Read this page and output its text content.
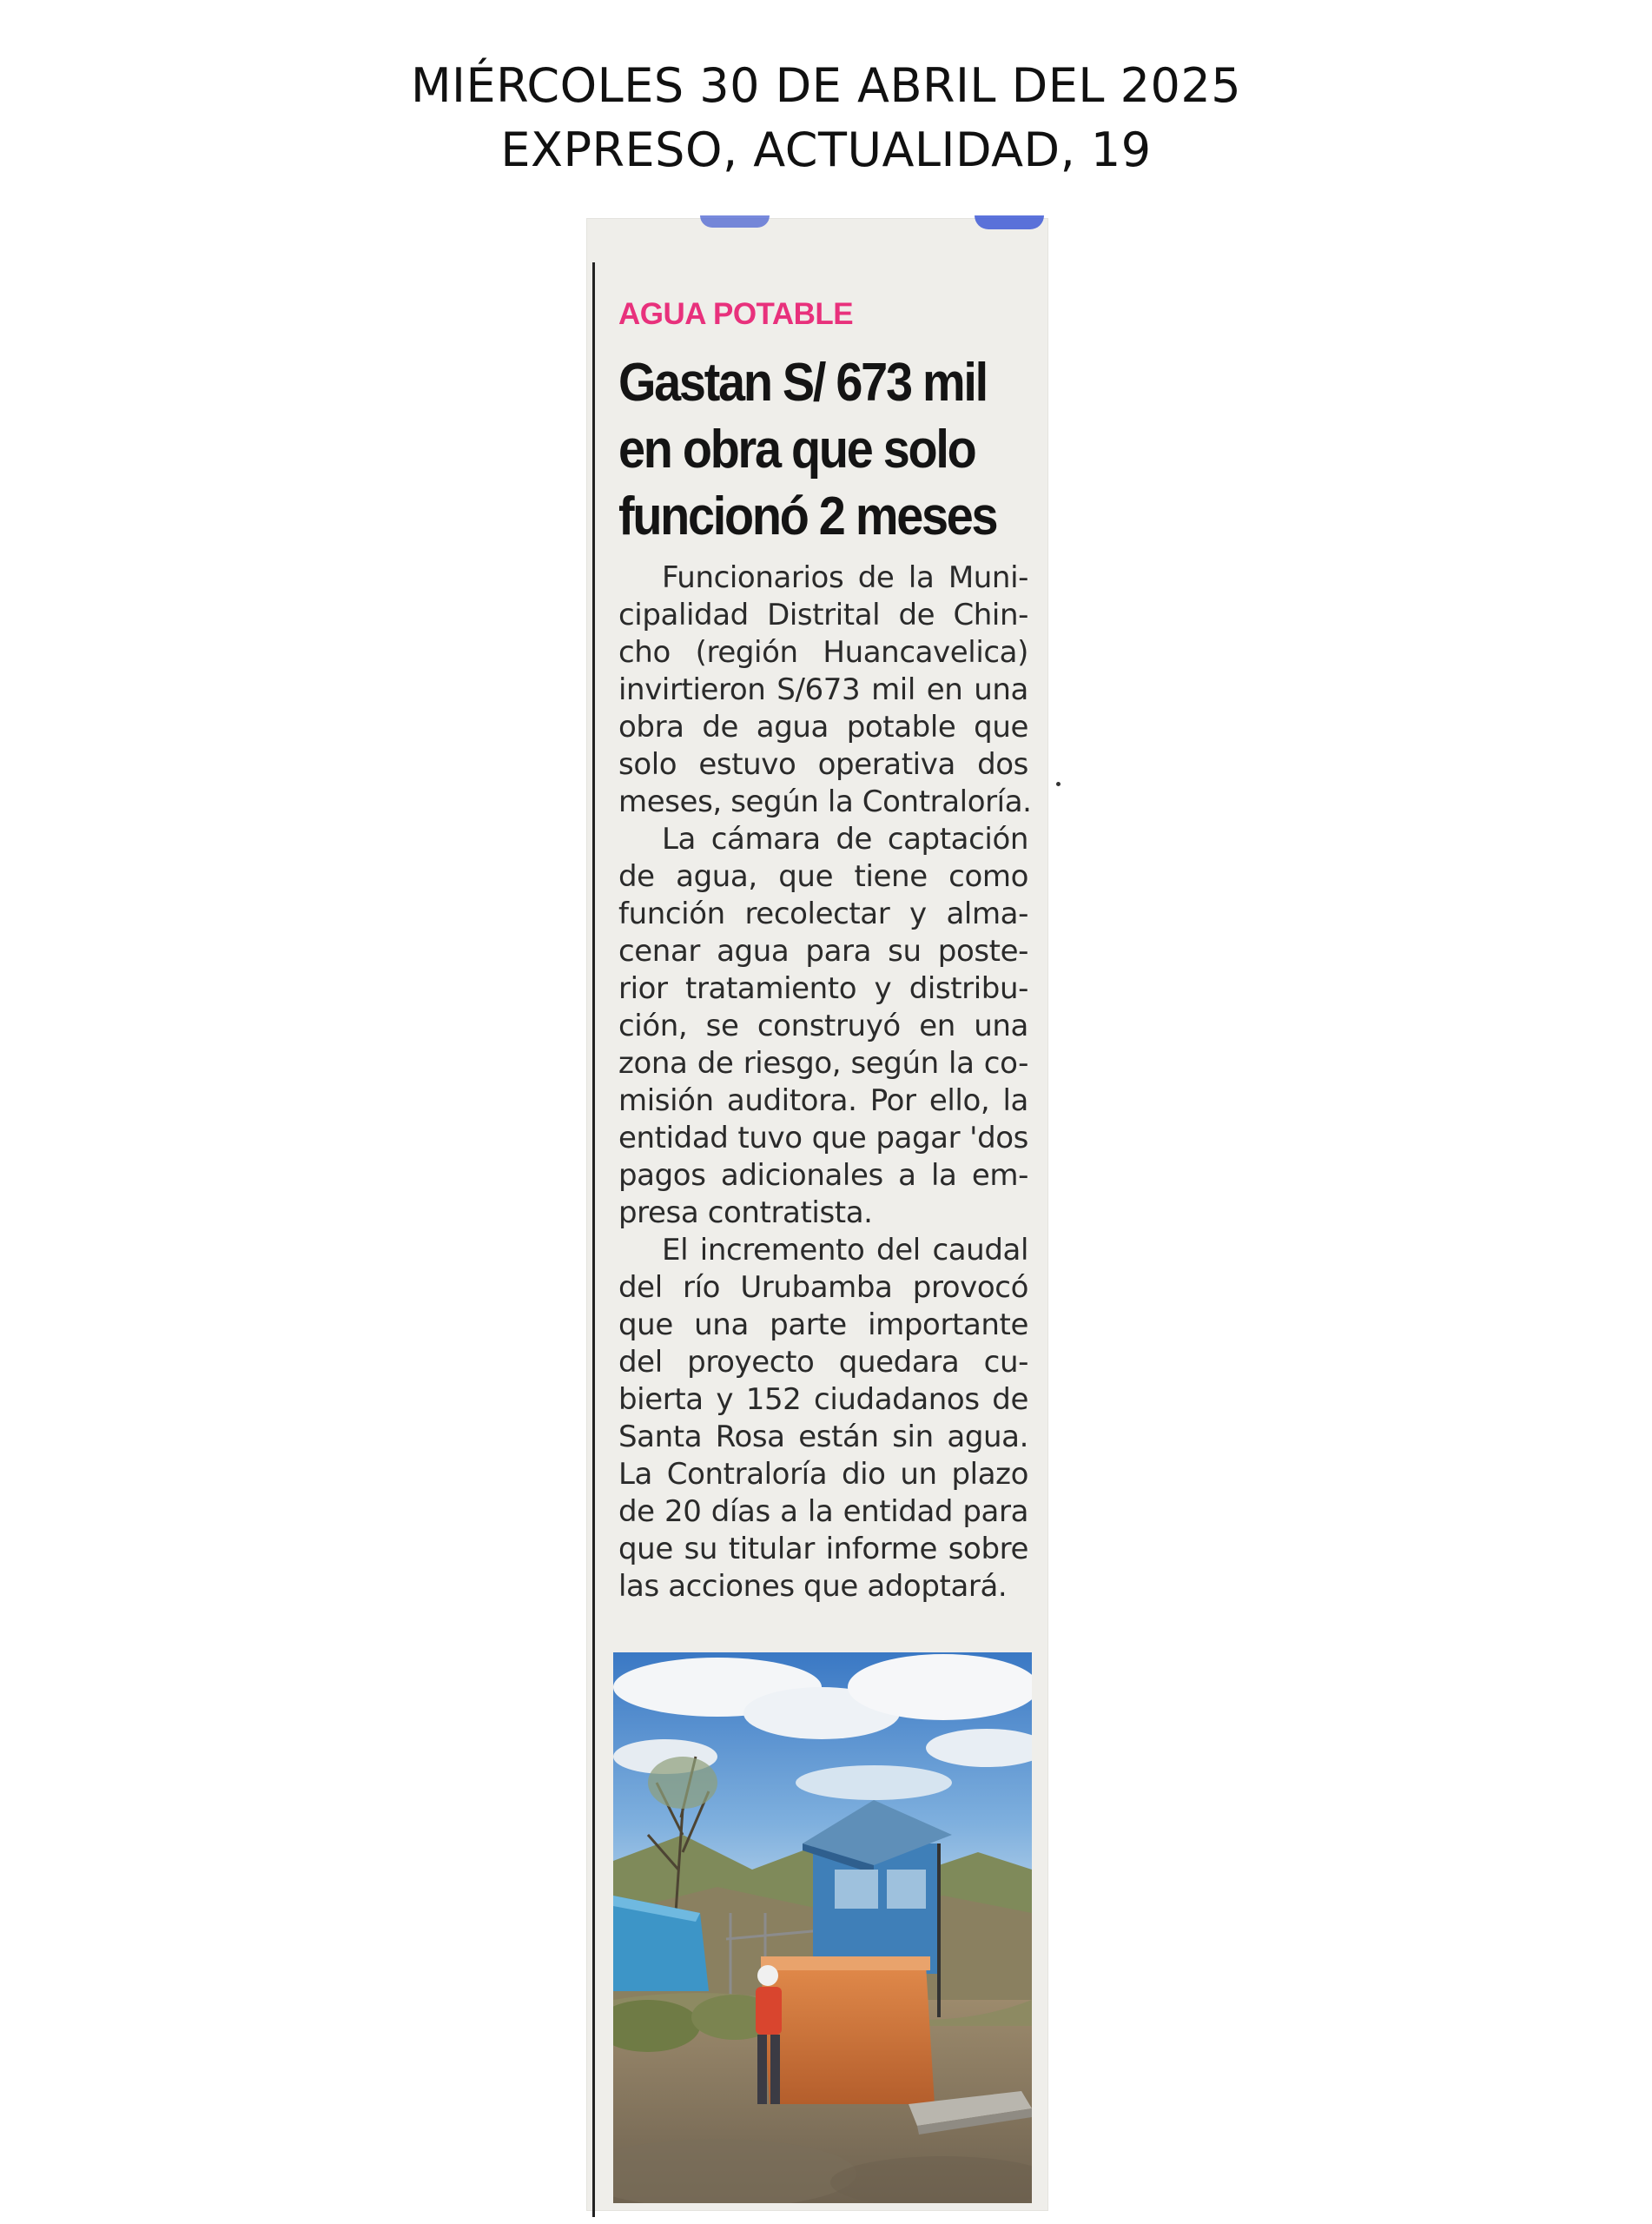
MIÉRCOLES 30 DE ABRIL DEL 2025
EXPRESO, ACTUALIDAD, 19
AGUA POTABLE
Gastan S/ 673 mil
en obra que solo
funcionó 2 meses
Funcionarios de la Muni-
cipalidad Distrital de Chin-
cho (región Huancavelica)
invirtieron S/673 mil en una
obra de agua potable que
solo estuvo operativa dos
meses, según la Contraloría.
La cámara de captación
de agua, que tiene como
función recolectar y alma-
cenar agua para su poste-
rior tratamiento y distribu-
ción, se construyó en una
zona de riesgo, según la co-
misión auditora. Por ello, la
entidad tuvo que pagar 'dos
pagos adicionales a la em-
presa contratista.
El incremento del caudal
del río Urubamba provocó
que una parte importante
del proyecto quedara cu-
bierta y 152 ciudadanos de
Santa Rosa están sin agua.
La Contraloría dio un plazo
de 20 días a la entidad para
que su titular informe sobre
las acciones que adoptará.
